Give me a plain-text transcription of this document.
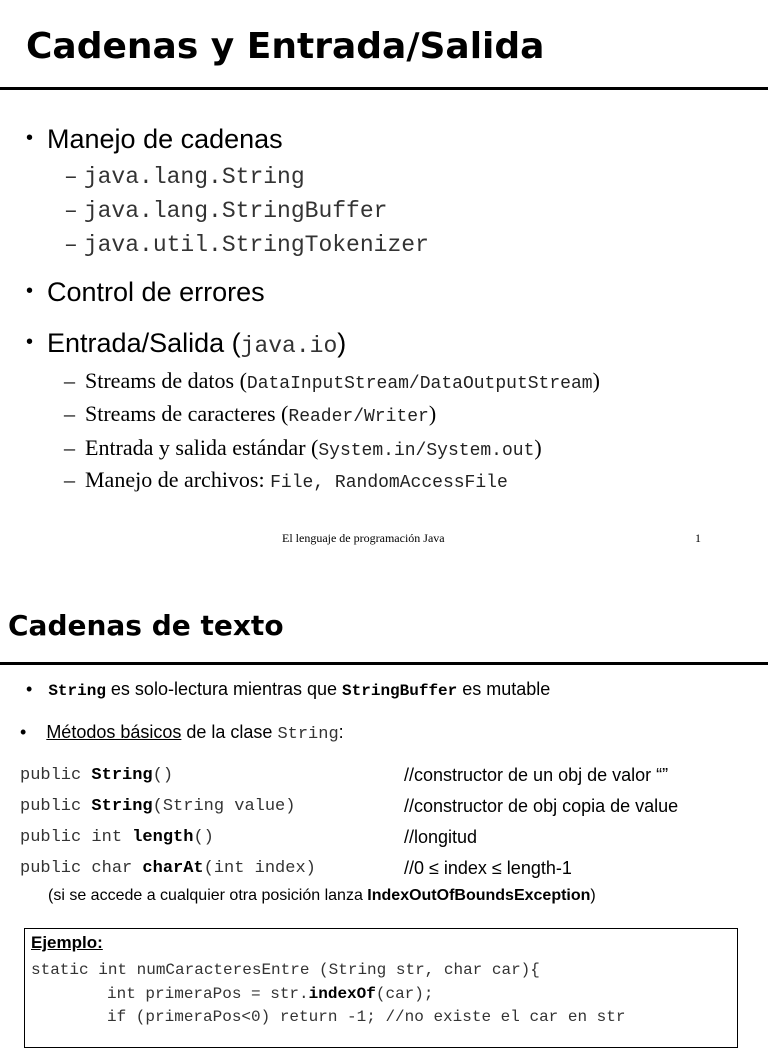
Cadenas y Entrada/Salida
• Manejo de cadenas
– java.lang.String
– java.lang.StringBuffer
– java.util.StringTokenizer
• Control de errores
• Entrada/Salida (java.io)
– Streams de datos (DataInputStream/DataOutputStream)
– Streams de caracteres (Reader/Writer)
– Entrada y salida estándar (System.in/System.out)
– Manejo de archivos: File, RandomAccessFile
El lenguaje de programación Java	1
Cadenas de texto
• String es solo-lectura mientras que StringBuffer es mutable
• Métodos básicos de la clase String:
public String()	//constructor de un obj de valor “”
public String(String value)	//constructor de obj copia de value
public int length()	//longitud
public char charAt(int index)	//0 ≤ index ≤ length-1
(si se accede a cualquier otra posición lanza IndexOutOfBoundsException)
Ejemplo:
static int numCaracteresEntre (String str, char car){
int primeraPos = str.indexOf(car);
if (primeraPos<0) return -1; //no existe el car en str
